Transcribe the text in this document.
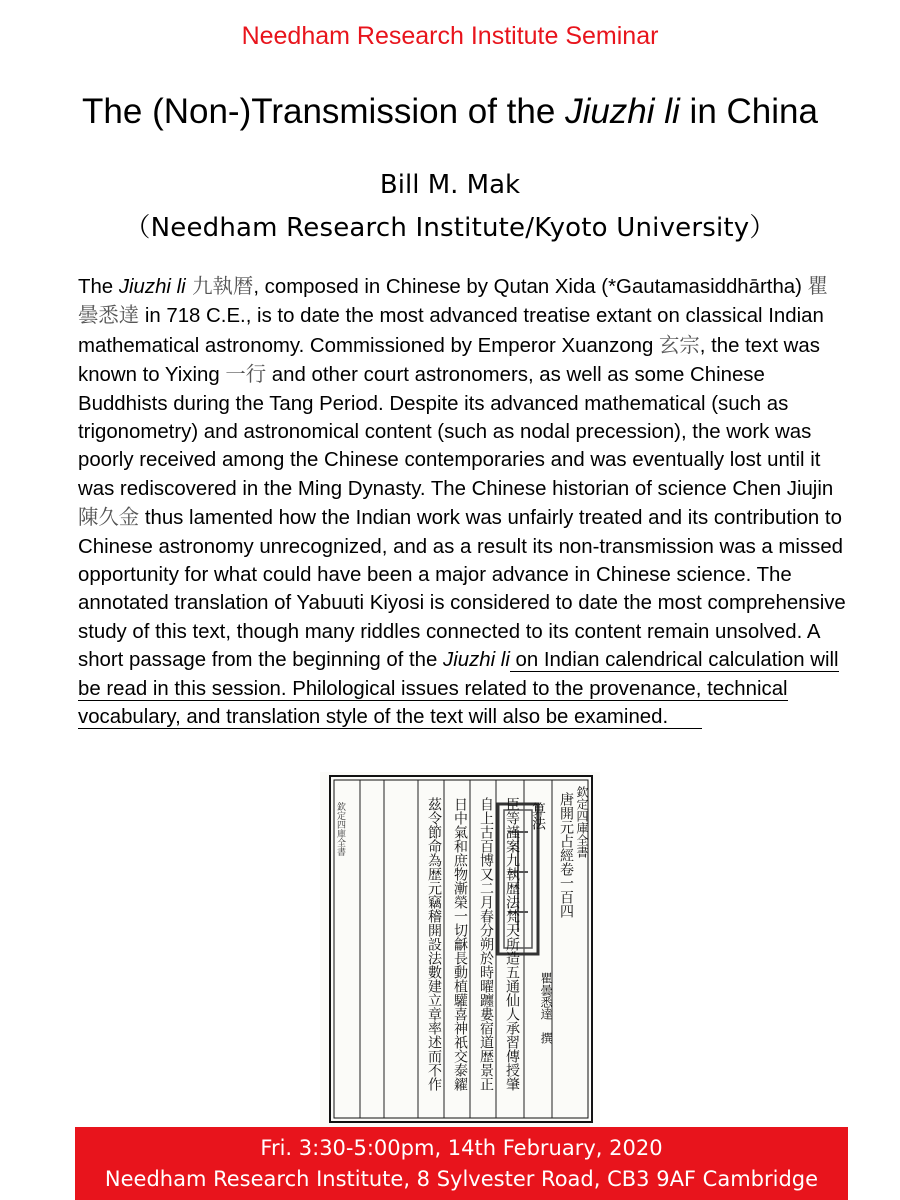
Needham Research Institute Seminar
The (Non-)Transmission of the Jiuzhi li in China
Bill M. Mak
（Needham Research Institute/Kyoto University）
The Jiuzhi li 九執暦, composed in Chinese by Qutan Xida (*Gautamasiddhārtha) 瞿曇悉達 in 718 C.E., is to date the most advanced treatise extant on classical Indian mathematical astronomy. Commissioned by Emperor Xuanzong 玄宗, the text was known to Yixing 一行 and other court astronomers, as well as some Chinese Buddhists during the Tang Period. Despite its advanced mathematical (such as trigonometry) and astronomical content (such as nodal precession), the work was poorly received among the Chinese contemporaries and was eventually lost until it was rediscovered in the Ming Dynasty. The Chinese historian of science Chen Jiujin 陳久金 thus lamented how the Indian work was unfairly treated and its contribution to Chinese astronomy unrecognized, and as a result its non-transmission was a missed opportunity for what could have been a major advance in Chinese science. The annotated translation of Yabuuti Kiyosi is considered to date the most comprehensive study of this text, though many riddles connected to its content remain unsolved. A short passage from the beginning of the Jiuzhi li on Indian calendrical calculation will be read in this session. Philological issues related to the provenance, technical vocabulary, and translation style of the text will also be examined.
欽定四庫全書	茲令節命為歴元竊稽開設法數建立章率述而不作 日中氣和庶物漸榮一切龢長動植驩喜神祇交泰糴 自上古百博又二月春分朔於時曜躔婁宿道歴景正 臣等謹案九執歴法梵天所造五通仙人承習傳授肇 算法 唐開元占經卷一百四 欽定四庫全書
瞿曇悉達　撰
Fri. 3:30-5:00pm, 14th February, 2020
Needham Research Institute, 8 Sylvester Road, CB3 9AF Cambridge
